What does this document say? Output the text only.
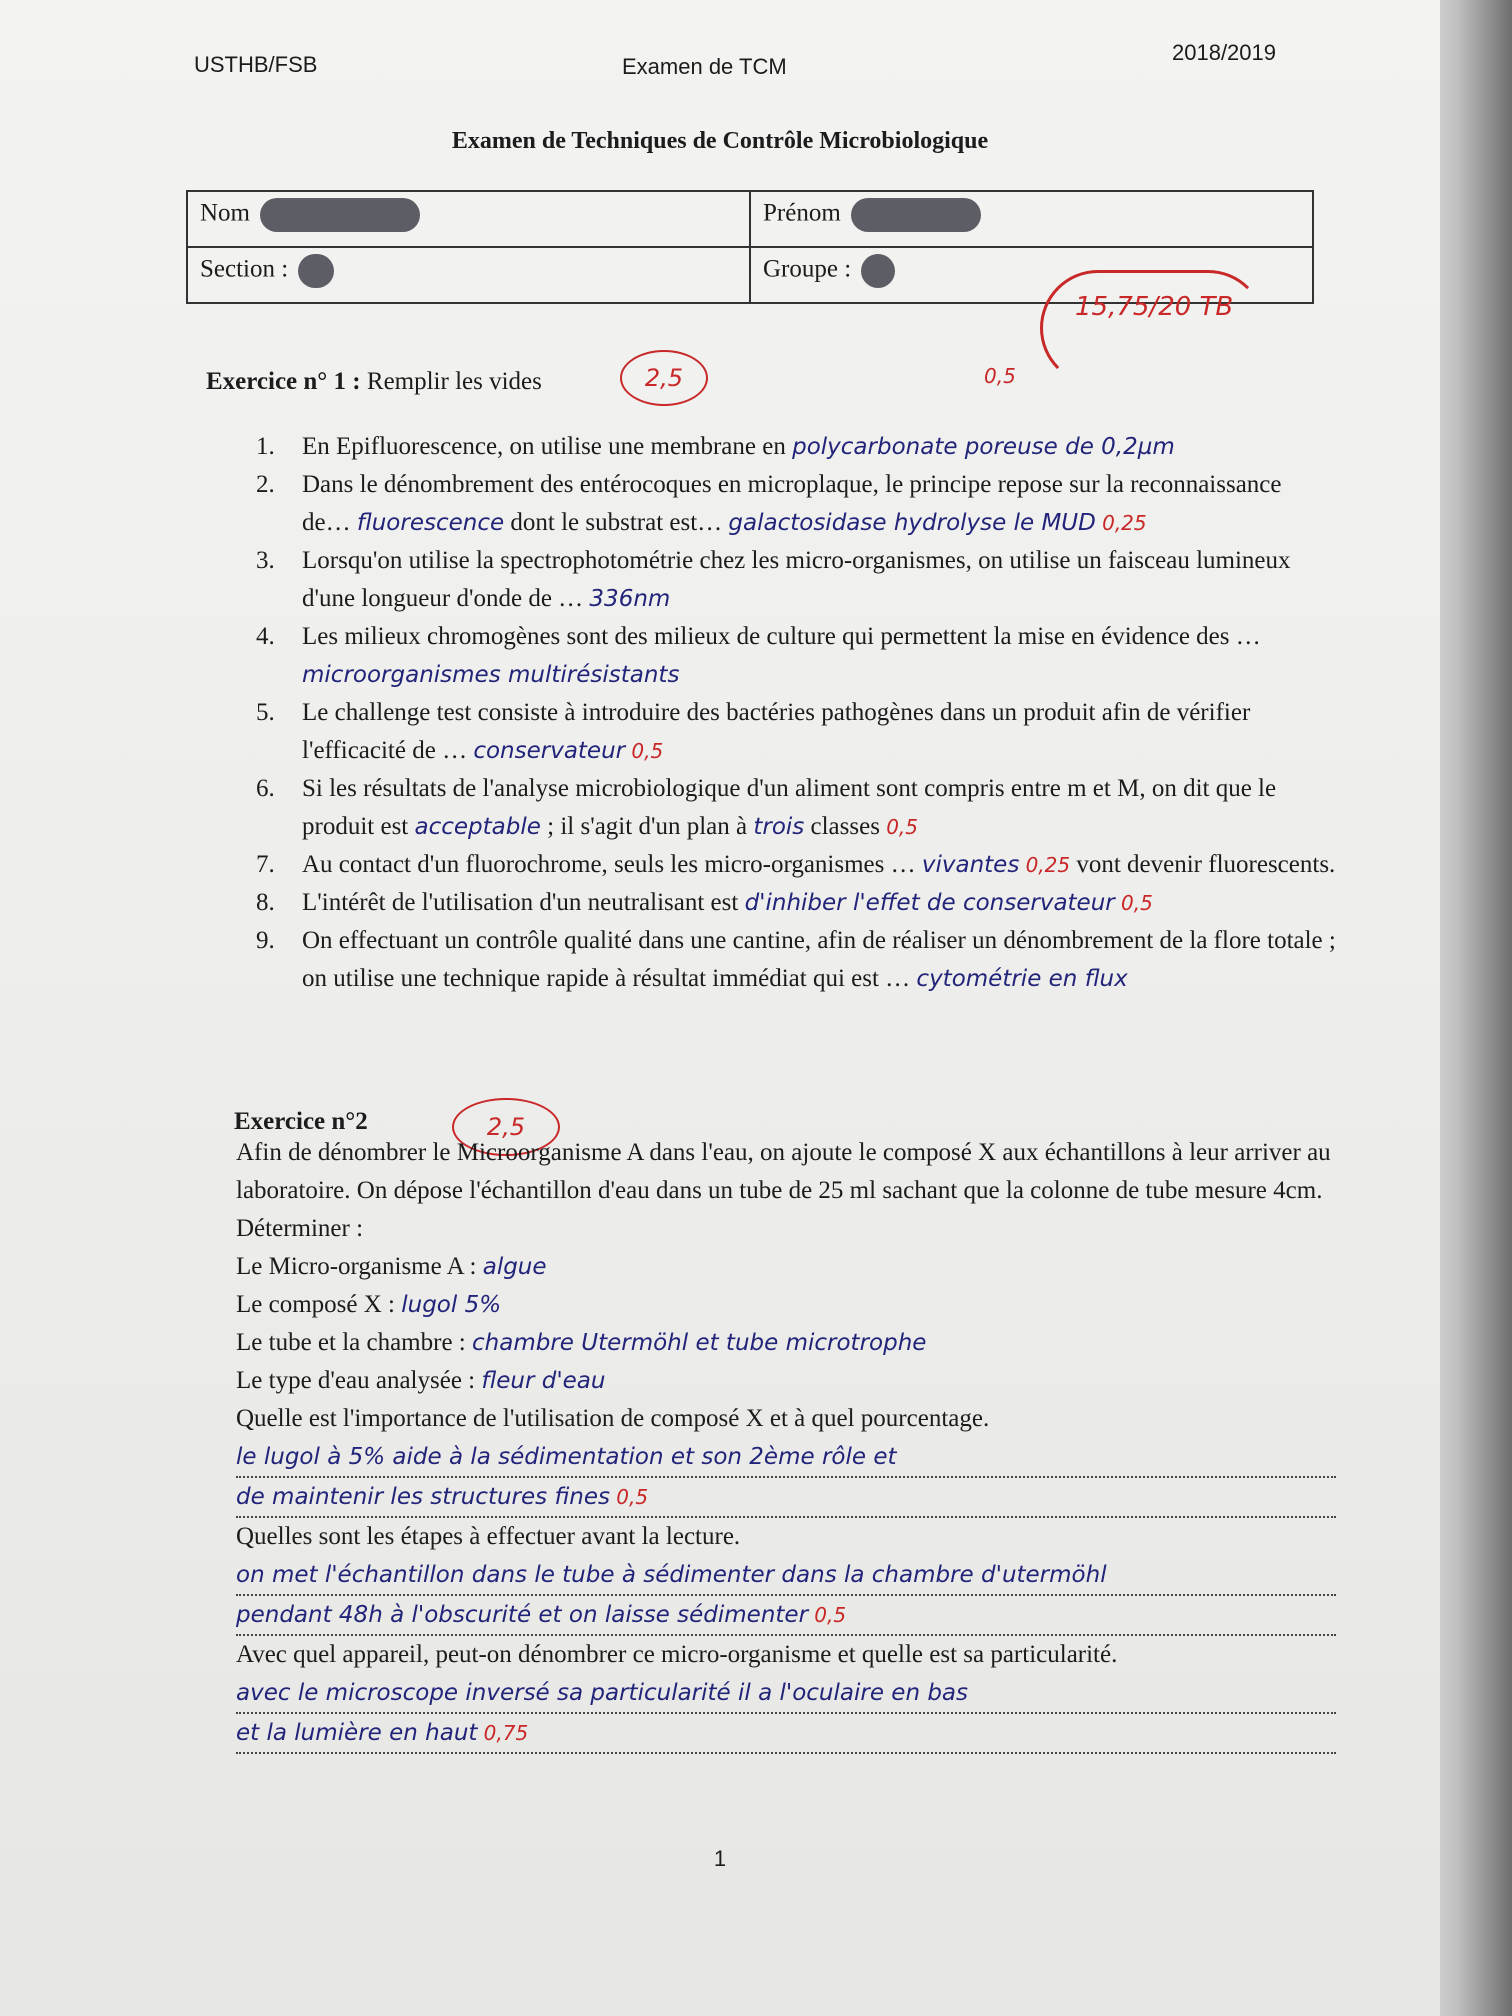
USTHB/FSB	Examen de TCM
2018/2019
Examen de Techniques de Contrôle Microbiologique
Nom	Prénom
Section :	Groupe :
15,75/20 TB
Exercice n° 1 : Remplir les vides	2,5	0,5
1. En Epifluorescence, on utilise une membrane en polycarbonate poreuse de 0,2µm
2. Dans le dénombrement des entérocoques en microplaque, le principe repose sur la reconnaissance de… fluorescence dont le substrat est… galactosidase hydrolyse le MUD 0,25
3. Lorsqu'on utilise la spectrophotométrie chez les micro-organismes, on utilise un faisceau lumineux d'une longueur d'onde de … 336nm
4. Les milieux chromogènes sont des milieux de culture qui permettent la mise en évidence des … microorganismes multirésistants
5. Le challenge test consiste à introduire des bactéries pathogènes dans un produit afin de vérifier l'efficacité de … conservateur 0,5
6. Si les résultats de l'analyse microbiologique d'un aliment sont compris entre m et M, on dit que le produit est acceptable ; il s'agit d'un plan à trois classes 0,5
7. Au contact d'un fluorochrome, seuls les micro-organismes … vivantes 0,25 vont devenir fluorescents.
8. L'intérêt de l'utilisation d'un neutralisant est d'inhiber l'effet de conservateur 0,5
9. On effectuant un contrôle qualité dans une cantine, afin de réaliser un dénombrement de la flore totale ; on utilise une technique rapide à résultat immédiat qui est … cytométrie en flux
Exercice n°2	2,5

Afin de dénombrer le Microorganisme A dans l'eau, on ajoute le composé X aux échantillons à leur arriver au laboratoire. On dépose l'échantillon d'eau dans un tube de 25 ml sachant que la colonne de tube mesure 4cm.

Déterminer :

Le Micro-organisme A : algue

Le composé X : lugol 5%

Le tube et la chambre : chambre Utermöhl et tube microtrophe

Le type d'eau analysée : fleur d'eau

Quelle est l'importance de l'utilisation de composé X et à quel pourcentage.

le lugol à 5% aide à la sédimentation et son 2ème rôle et

de maintenir les structures fines 0,5

Quelles sont les étapes à effectuer avant la lecture.

on met l'échantillon dans le tube à sédimenter dans la chambre d'utermöhl

pendant 48h à l'obscurité et on laisse sédimenter 0,5

Avec quel appareil, peut-on dénombrer ce micro-organisme et quelle est sa particularité.

avec le microscope inversé sa particularité il a l'oculaire en bas

et la lumière en haut 0,75

1
